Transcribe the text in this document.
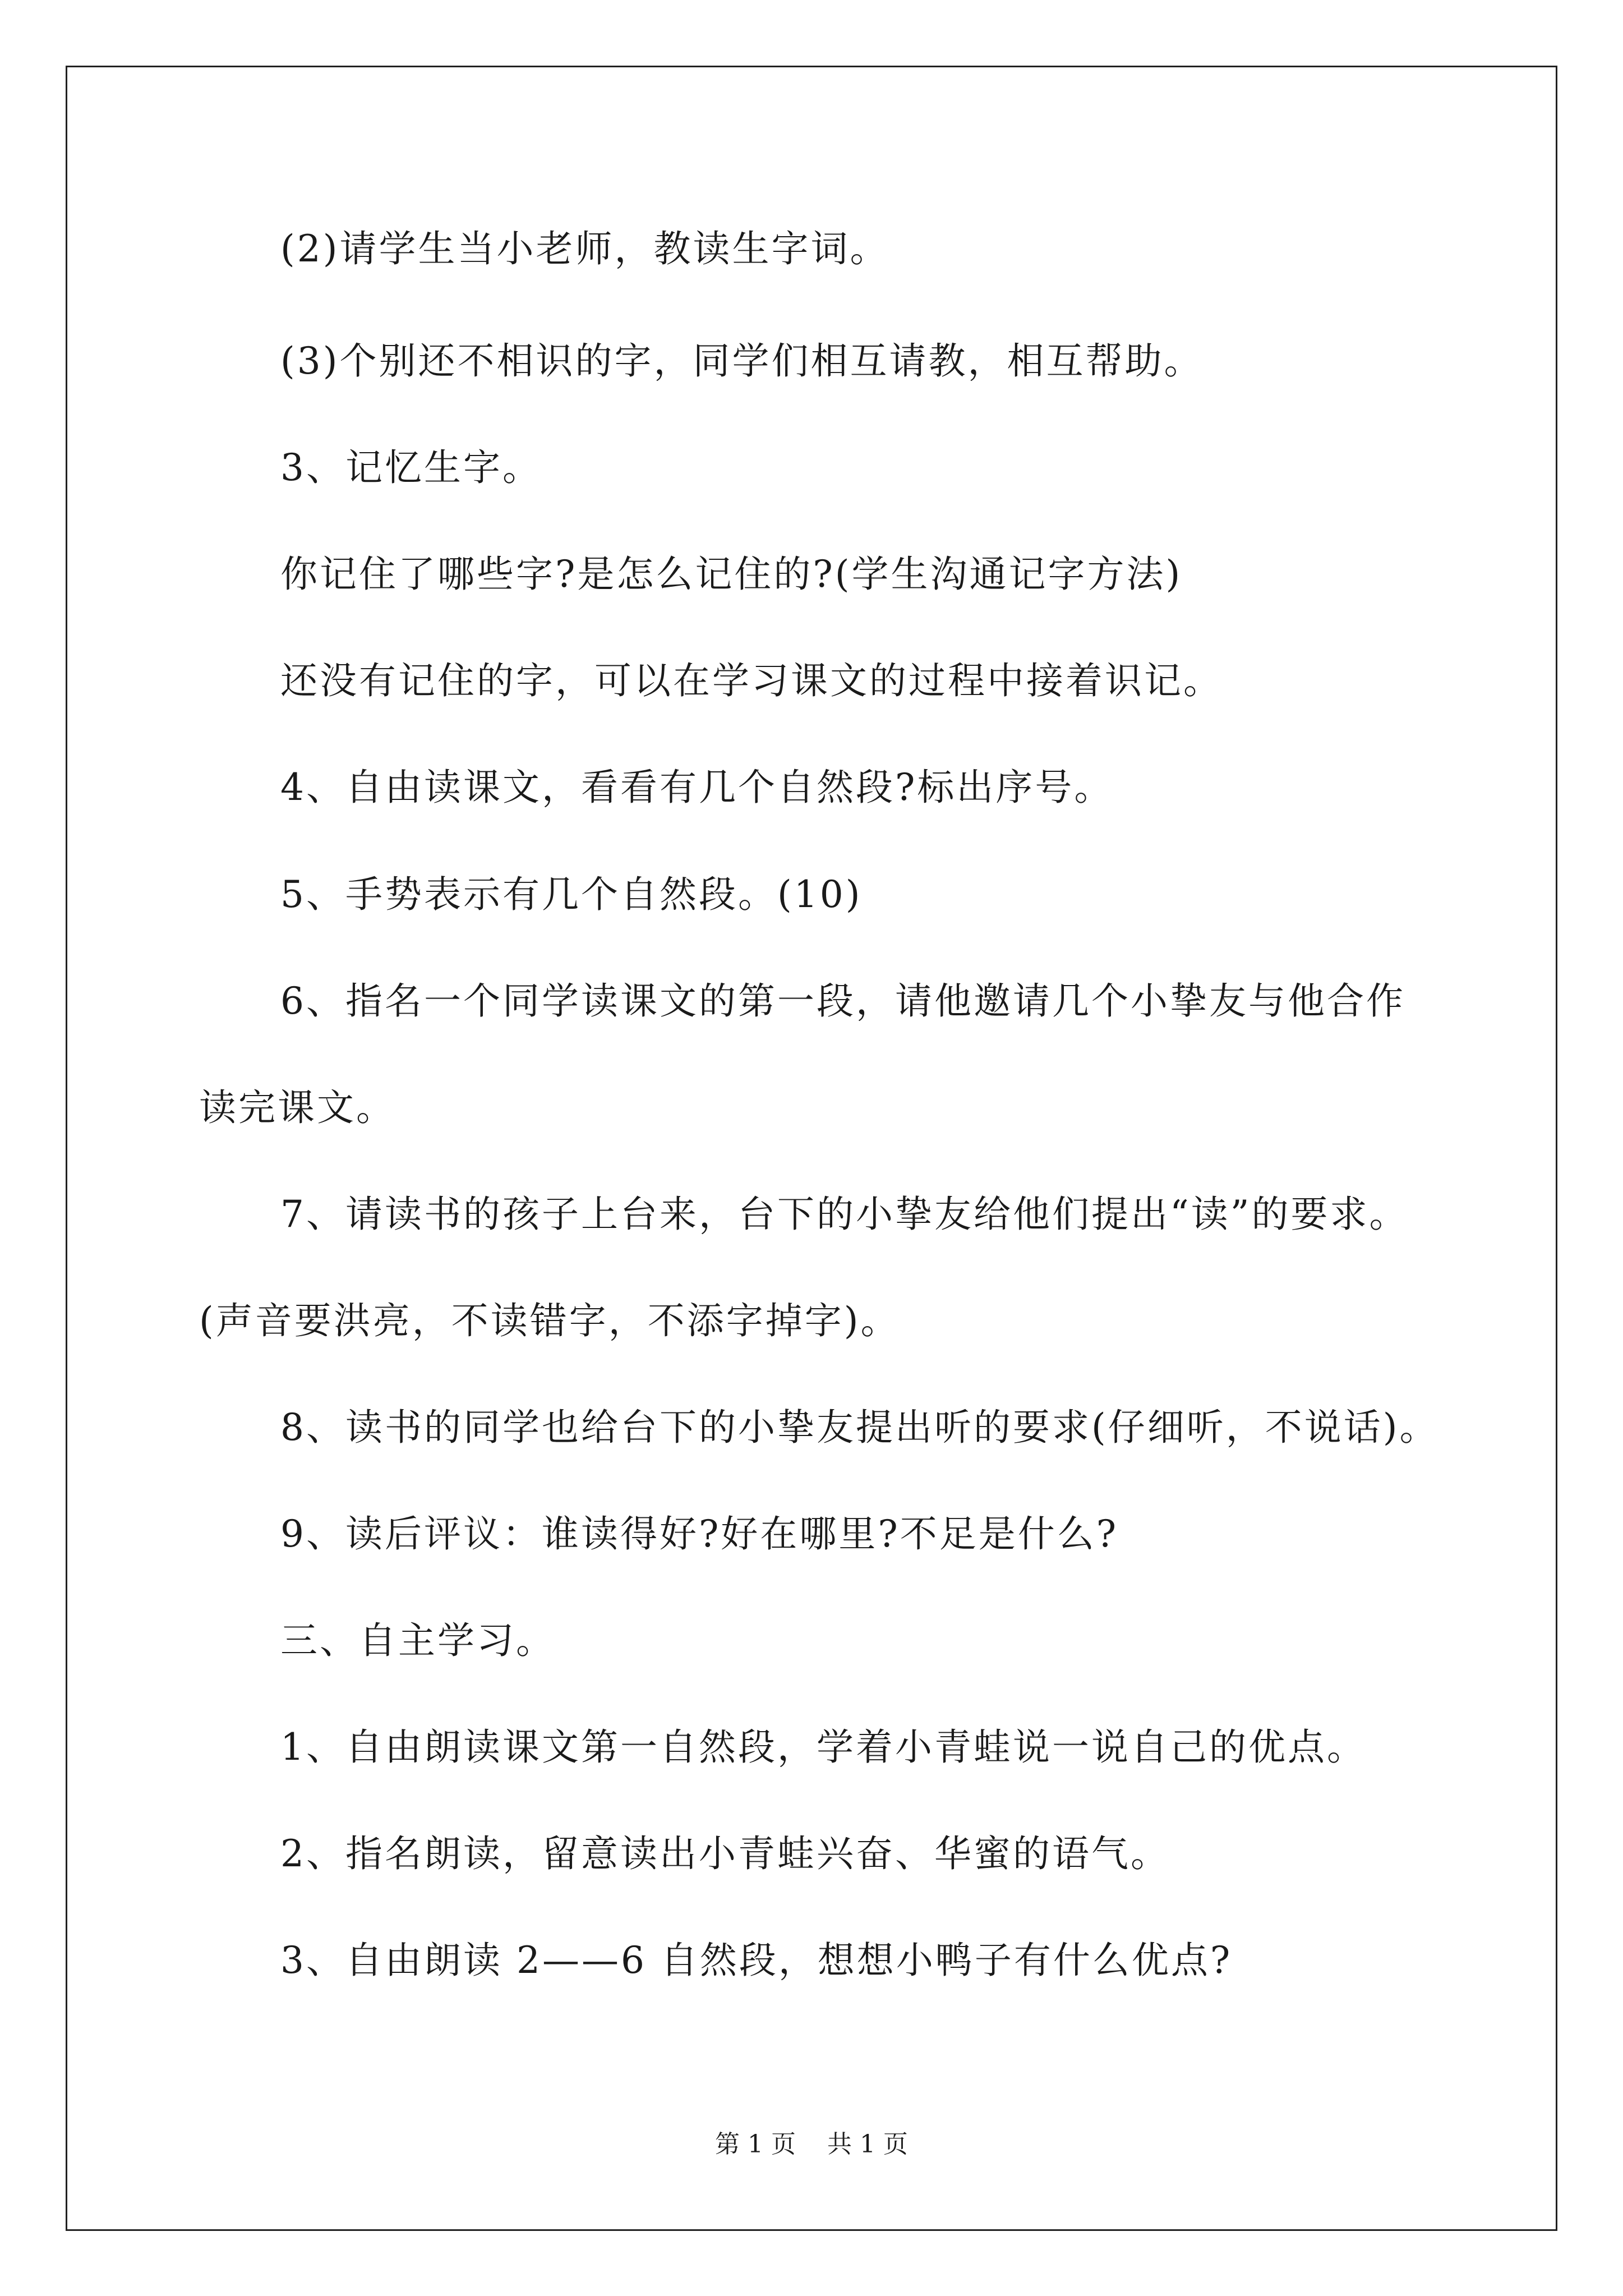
(2)请学生当小老师，教读生字词。
(3)个别还不相识的字，同学们相互请教，相互帮助。
3、记忆生字。
你记住了哪些字?是怎么记住的?(学生沟通记字方法)
还没有记住的字，可以在学习课文的过程中接着识记。
4、自由读课文，看看有几个自然段?标出序号。
5、手势表示有几个自然段。(10)
6、指名一个同学读课文的第一段，请他邀请几个小挚友与他合作
读完课文。
7、请读书的孩子上台来，台下的小挚友给他们提出“读”的要求。
(声音要洪亮，不读错字，不添字掉字)。
8、读书的同学也给台下的小挚友提出听的要求(仔细听，不说话)。
9、读后评议：谁读得好?好在哪里?不足是什么?
三、自主学习。
1、自由朗读课文第一自然段，学着小青蛙说一说自己的优点。
2、指名朗读，留意读出小青蛙兴奋、华蜜的语气。
3、自由朗读 2——6 自然段，想想小鸭子有什么优点?
第 1 页    共 1 页
